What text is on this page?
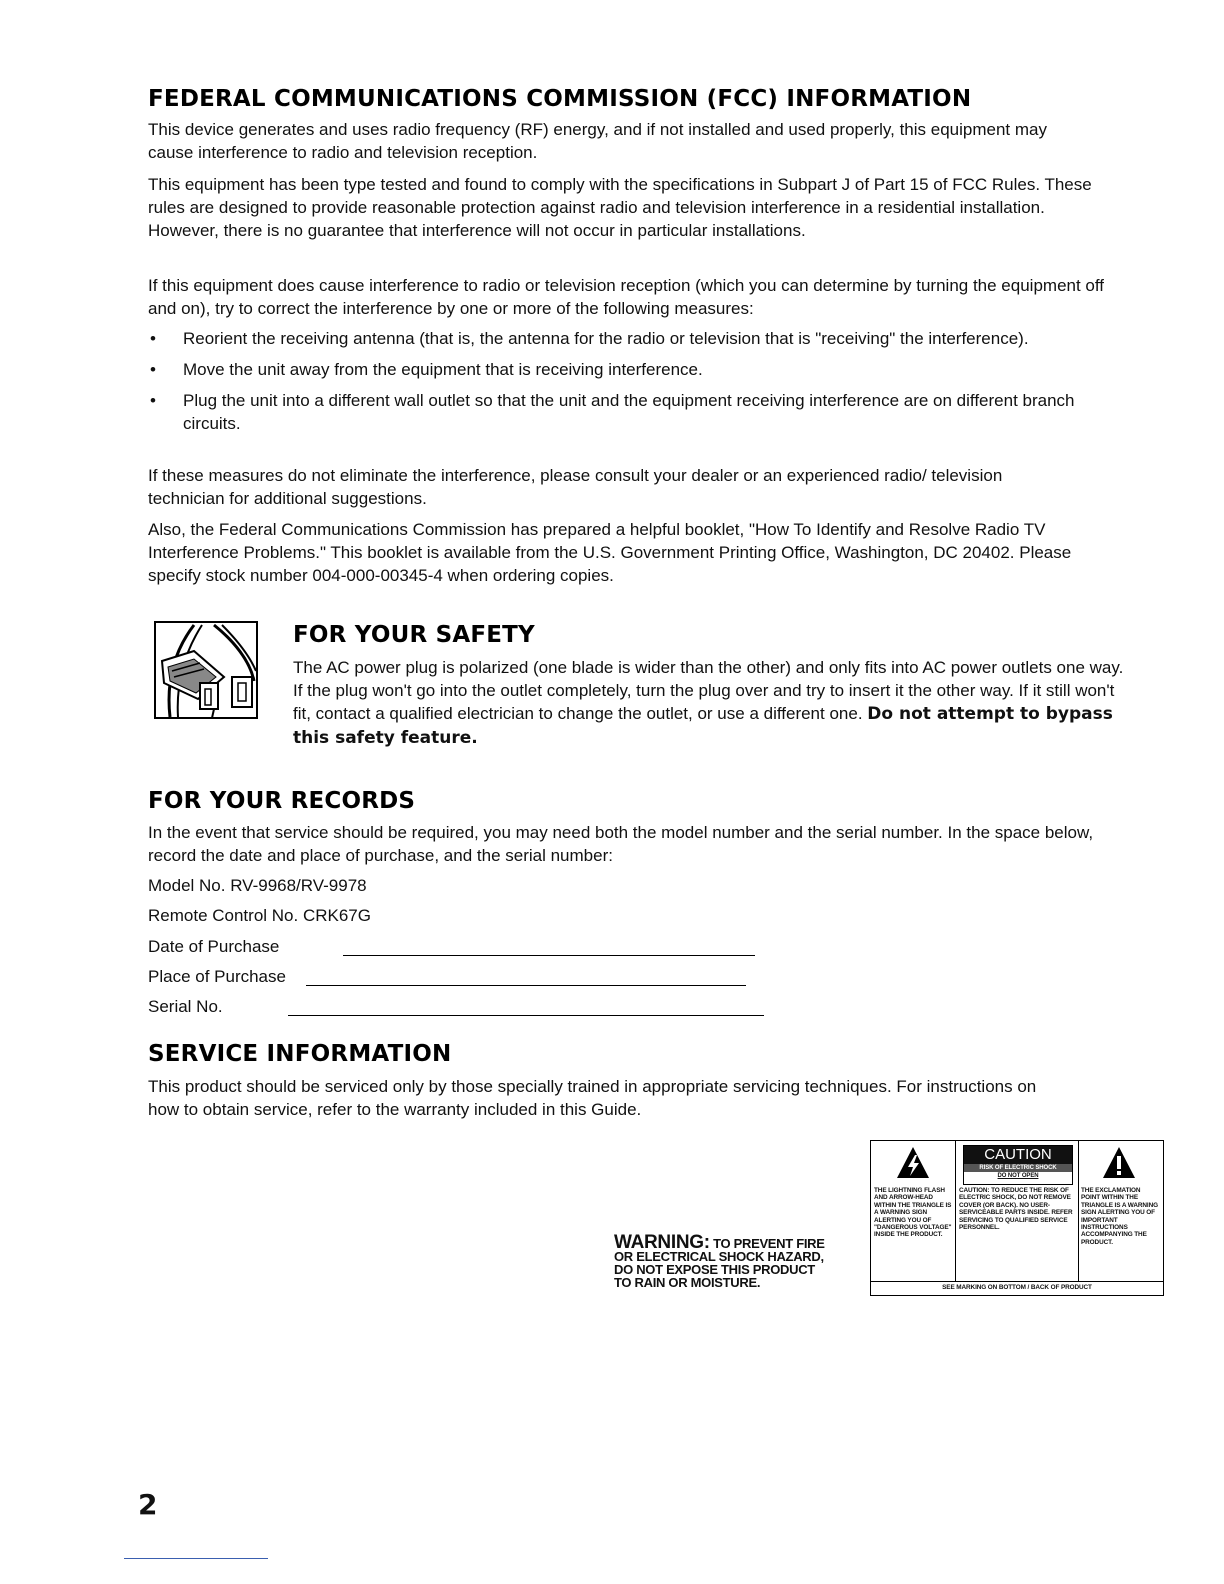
FEDERAL COMMUNICATIONS COMMISSION (FCC) INFORMATION

This device generates and uses radio frequency (RF) energy, and if not installed and used properly, this equipment may cause interference to radio and television reception.

This equipment has been type tested and found to comply with the specifications in Subpart J of Part 15 of FCC Rules. These rules are designed to provide reasonable protection against radio and television interference in a residential installation. However, there is no guarantee that interference will not occur in particular installations.

If this equipment does cause interference to radio or television reception (which you can determine by turning the equipment off and on), try to correct the interference by one or more of the following measures:

• Reorient the receiving antenna (that is, the antenna for the radio or television that is "receiving" the interference).
• Move the unit away from the equipment that is receiving interference.
• Plug the unit into a different wall outlet so that the unit and the equipment receiving interference are on different branch circuits.

If these measures do not eliminate the interference, please consult your dealer or an experienced radio/ television technician for additional suggestions.

Also, the Federal Communications Commission has prepared a helpful booklet, "How To Identify and Resolve Radio TV Interference Problems." This booklet is available from the U.S. Government Printing Office, Washington, DC 20402. Please specify stock number 004-000-00345-4 when ordering copies.

FOR YOUR SAFETY

The AC power plug is polarized (one blade is wider than the other) and only fits into AC power outlets one way. If the plug won't go into the outlet completely, turn the plug over and try to insert it the other way. If it still won't fit, contact a qualified electrician to change the outlet, or use a different one. Do not attempt to bypass this safety feature.

FOR YOUR RECORDS

In the event that service should be required, you may need both the model number and the serial number. In the space below, record the date and place of purchase, and the serial number:

Model No. RV-9968/RV-9978
Remote Control No. CRK67G
Date of Purchase
Place of Purchase
Serial No.
SERVICE INFORMATION

This product should be serviced only by those specially trained in appropriate servicing techniques. For instructions on how to obtain service, refer to the warranty included in this Guide.

WARNING: TO PREVENT FIRE
OR ELECTRICAL SHOCK HAZARD,
DO NOT EXPOSE THIS PRODUCT
TO RAIN OR MOISTURE.
THE LIGHTNING FLASH AND ARROW-HEAD WITHIN THE TRIANGLE IS A WARNING SIGN ALERTING YOU OF "DANGEROUS VOLTAGE" INSIDE THE PRODUCT.
CAUTION
RISK OF ELECTRIC SHOCK
DO NOT OPEN
CAUTION: TO REDUCE THE RISK OF ELECTRIC SHOCK, DO NOT REMOVE COVER (OR BACK). NO USER-SERVICEABLE PARTS INSIDE. REFER SERVICING TO QUALIFIED SERVICE PERSONNEL.
THE EXCLAMATION POINT WITHIN THE TRIANGLE IS A WARNING SIGN ALERTING YOU OF IMPORTANT INSTRUCTIONS ACCOMPANYING THE PRODUCT.
SEE MARKING ON BOTTOM / BACK OF PRODUCT
2
